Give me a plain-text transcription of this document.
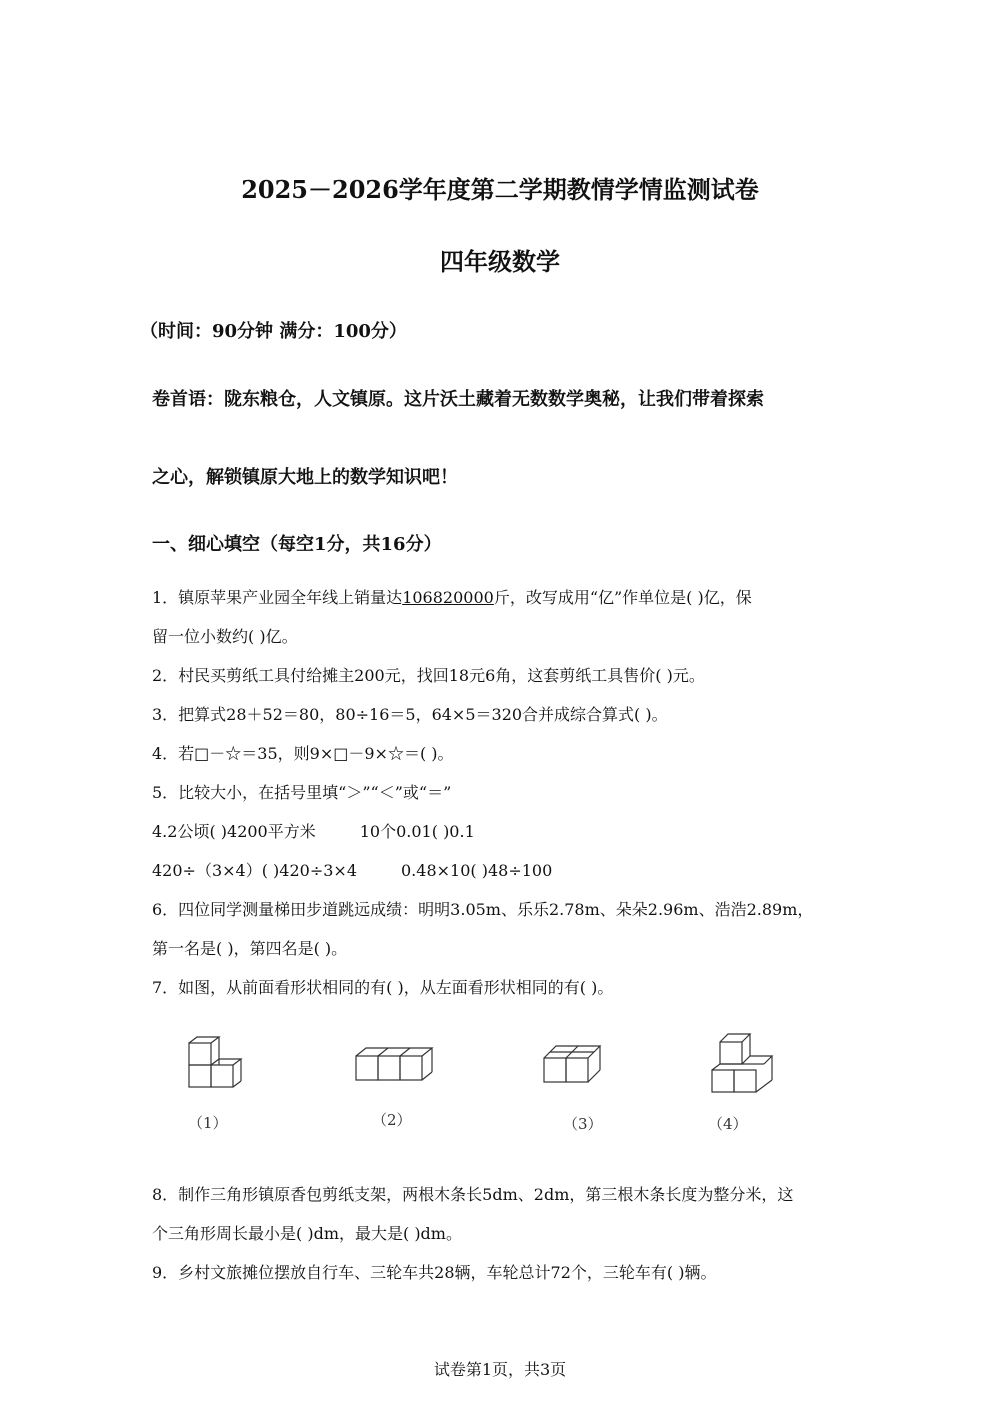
2025－2026学年度第二学期教情学情监测试卷
四年级数学
（时间：90分钟 满分：100分）
卷首语：陇东粮仓，人文镇原。这片沃土藏着无数数学奥秘，让我们带着探索
之心，解锁镇原大地上的数学知识吧！
一、细心填空（每空1分，共16分）
1．镇原苹果产业园全年线上销量达106820000斤，改写成用“亿”作单位是( )亿，保
留一位小数约( )亿。
2．村民买剪纸工具付给摊主200元，找回18元6角，这套剪纸工具售价( )元。
3．把算式28＋52＝80，80÷16＝5，64×5＝320合并成综合算式( )。
4．若□－☆＝35，则9×□－9×☆＝( )。
5．比较大小，在括号里填“＞”“＜”或“＝”
4.2公顷( )4200平方米	10个0.01( )0.1
420÷（3×4）( )420÷3×4	0.48×10( )48÷100
6．四位同学测量梯田步道跳远成绩：明明3.05m、乐乐2.78m、朵朵2.96m、浩浩2.89m，
第一名是( )，第四名是( )。
7．如图，从前面看形状相同的有( )，从左面看形状相同的有( )。
（1）	（2）	（3）	（4）
8．制作三角形镇原香包剪纸支架，两根木条长5dm、2dm，第三根木条长度为整分米，这
个三角形周长最小是( )dm，最大是( )dm。
9．乡村文旅摊位摆放自行车、三轮车共28辆，车轮总计72个，三轮车有( )辆。
试卷第1页，共3页
